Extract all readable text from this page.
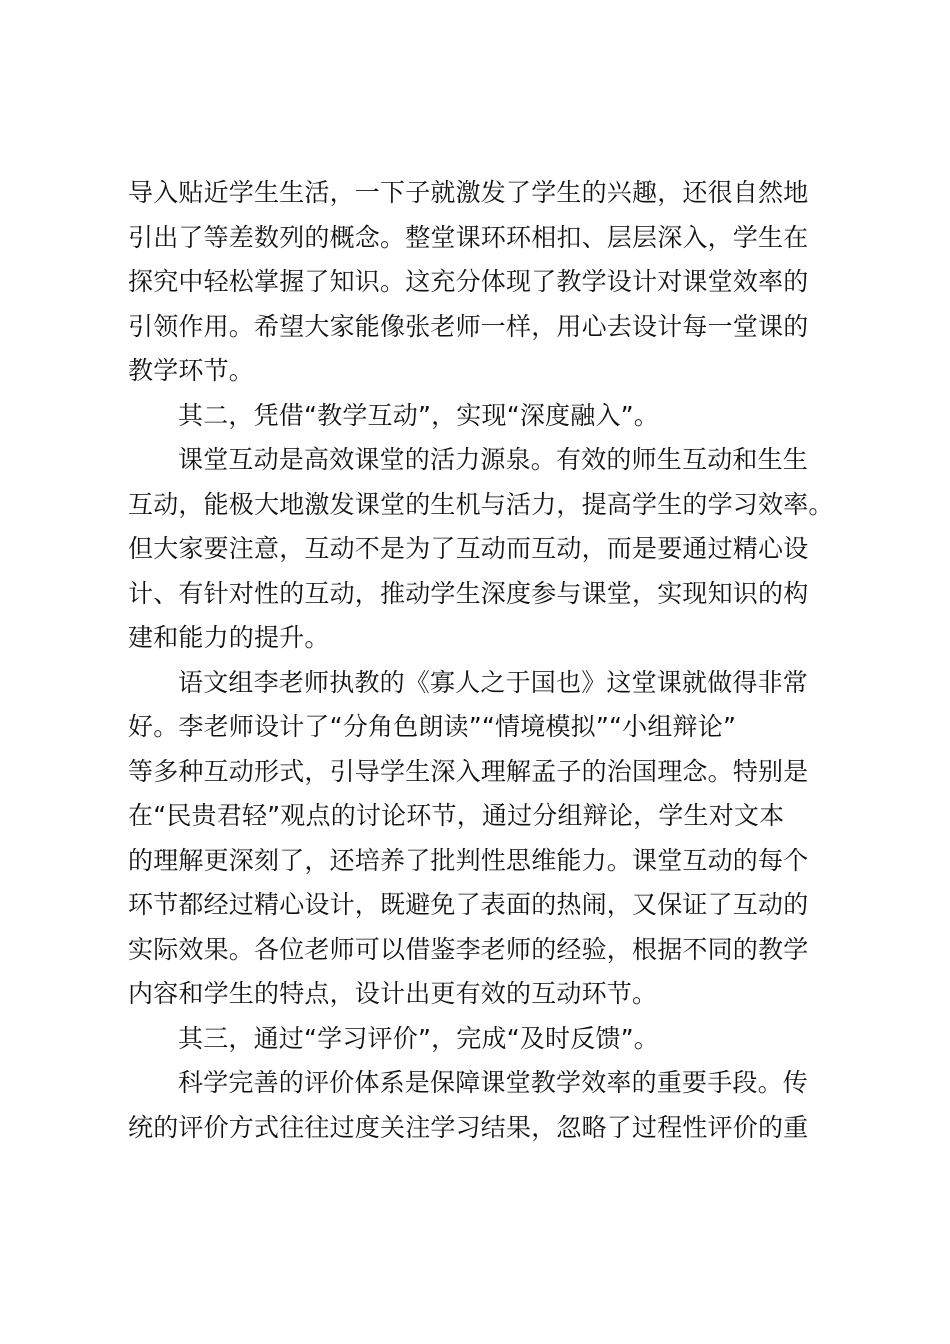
导入贴近学生生活，一下子就激发了学生的兴趣，还很自然地
引出了等差数列的概念。整堂课环环相扣、层层深入，学生在
探究中轻松掌握了知识。这充分体现了教学设计对课堂效率的
引领作用。希望大家能像张老师一样，用心去设计每一堂课的
教学环节。
其二，凭借“教学互动”，实现“深度融入”。
课堂互动是高效课堂的活力源泉。有效的师生互动和生生
互动，能极大地激发课堂的生机与活力，提高学生的学习效率。
但大家要注意，互动不是为了互动而互动，而是要通过精心设
计、有针对性的互动，推动学生深度参与课堂，实现知识的构
建和能力的提升。
语文组李老师执教的《寡人之于国也》这堂课就做得非常
好。李老师设计了“分角色朗读”“情境模拟”“小组辩论”
等多种互动形式，引导学生深入理解孟子的治国理念。特别是
在“民贵君轻”观点的讨论环节，通过分组辩论，学生对文本
的理解更深刻了，还培养了批判性思维能力。课堂互动的每个
环节都经过精心设计，既避免了表面的热闹，又保证了互动的
实际效果。各位老师可以借鉴李老师的经验，根据不同的教学
内容和学生的特点，设计出更有效的互动环节。
其三，通过“学习评价”，完成“及时反馈”。
科学完善的评价体系是保障课堂教学效率的重要手段。传
统的评价方式往往过度关注学习结果，忽略了过程性评价的重
